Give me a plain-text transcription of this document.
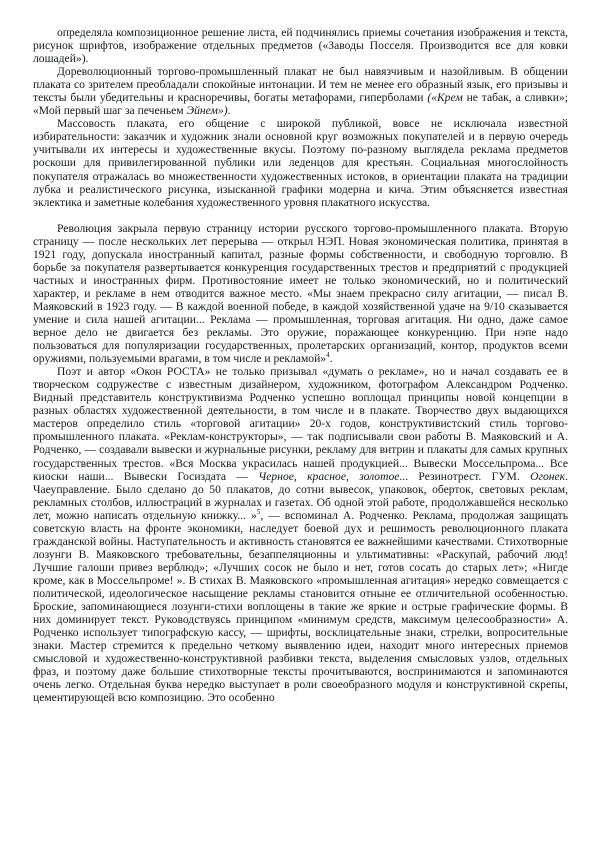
определяла композиционное решение листа, ей подчинялись приемы сочетания изображения и текста, рисунок шрифтов, изображение отдельных предметов («Заводы Посселя. Производится все для ковки лошадей»).

Дореволюционный торгово-промышленный плакат не был навязчивым и назойливым. В общении плаката со зрителем преобладали спокойные интонации. И тем не менее его образный язык, его призывы и тексты были убедительны и красноречивы, богаты метафорами, гиперболами («Крем не табак, а сливки»; «Мой первый шаг за печеньем Эйнем»).

Массовость плаката, его общение с широкой публикой, вовсе не исключала известной избирательности: заказчик и художник знали основной круг возможных покупателей и в первую очередь учитывали их интересы и художественные вкусы. Поэтому по-разному выглядела реклама предметов роскоши для привилегированной публики или леденцов для крестьян. Социальная многослойность покупателя отражалась во множественности художественных истоков, в ориентации плаката на традиции лубка и реалистического рисунка, изысканной графики модерна и кича. Этим объясняется известная эклектика и заметные колебания художественного уровня плакатного искусства.

Революция закрыла первую страницу истории русского торгово-промышленного плаката. Вторую страницу — после нескольких лет перерыва — открыл НЭП. Новая экономическая политика, принятая в 1921 году, допускала иностранный капитал, разные формы собственности, и свободную торговлю. В борьбе за покупателя развертывается конкуренция государственных трестов и предприятий с продукцией частных и иностранных фирм. Противостояние имеет не только экономический, но и политический характер, и рекламе в нем отводится важное место. «Мы знаем прекрасно силу агитации, — писал В. Маяковский в 1923 году. — В каждой военной победе, в каждой хозяйственной удаче на 9/10 сказывается умение и сила нашей агитации... Реклама — промышленная, торговая агитация. Ни одно, даже самое верное дело не двигается без рекламы. Это оружие, поражающее конкуренцию. При нэпе надо пользоваться для популяризации государственных, пролетарских организаций, контор, продуктов всеми оружиями, пользуемыми врагами, в том числе и рекламой»$^4$.

Поэт и автор «Окон РОСТА» не только призывал «думать о рекламе», но и начал создавать ее в творческом содружестве с известным дизайнером, художником, фотографом Александром Родченко. Видный представитель конструктивизма Родченко успешно воплощал принципы новой концепции в разных областях художественной деятельности, в том числе и в плакате. Творчество двух выдающихся мастеров определило стиль «торговой агитации» 20-х годов, конструктивистский стиль торгово-промышленного плаката. «Реклам-конструкторы», — так подписывали свои работы В. Маяковский и А. Родченко, — создавали вывески и журнальные рисунки, рекламу для витрин и плакаты для самых крупных государственных трестов. «Вся Москва украсилась нашей продукцией... Вывески Моссельпрома... Все киоски наши... Вывески Госиздата — Черное, красное, золотое... Резинотрест. ГУМ. Огонек. Чаеуправление. Было сделано до 50 плакатов, до сотни вывесок, упаковок, оберток, световых реклам, рекламных столбов, иллюстраций в журналах и газетах. Об одной этой работе, продолжавшейся несколько лет, можно написать отдельную книжку... »$^5$, — вспоминал А. Родченко. Реклама, продолжая защищать советскую власть на фронте экономики, наследует боевой дух и решимость революционного плаката гражданской войны. Наступательность и активность становятся ее важнейшими качествами. Стихотворные лозунги В. Маяковского требовательны, безаппеляционны и ультимативны: «Раскупай, рабочий люд! Лучшие галоши привез верблюд»; «Лучших сосок не было и нет, готов сосать до старых лет»; «Нигде кроме, как в Моссельпроме! ». В стихах В. Маяковского «промышленная агитация» нередко совмещается с политической, идеологическое насыщение рекламы становится отныне ее отличительной особенностью. Броские, запоминающиеся лозунги-стихи воплощены в такие же яркие и острые графические формы. В них доминирует текст. Руководствуясь принципом «минимум средств, максимум целесообразности» А. Родченко использует типографскую кассу, — шрифты, восклицательные знаки, стрелки, вопросительные знаки. Мастер стремится к предельно четкому выявлению идеи, находит много интересных приемов смысловой и художественно-конструктивной разбивки текста, выделения смысловых узлов, отдельных фраз, и поэтому даже большие стихотворные тексты прочитываются, воспринимаются и запоминаются очень легко. Отдельная буква нередко выступает в роли своеобразного модуля и конструктивной скрепы, цементирующей всю композицию. Это особенно
